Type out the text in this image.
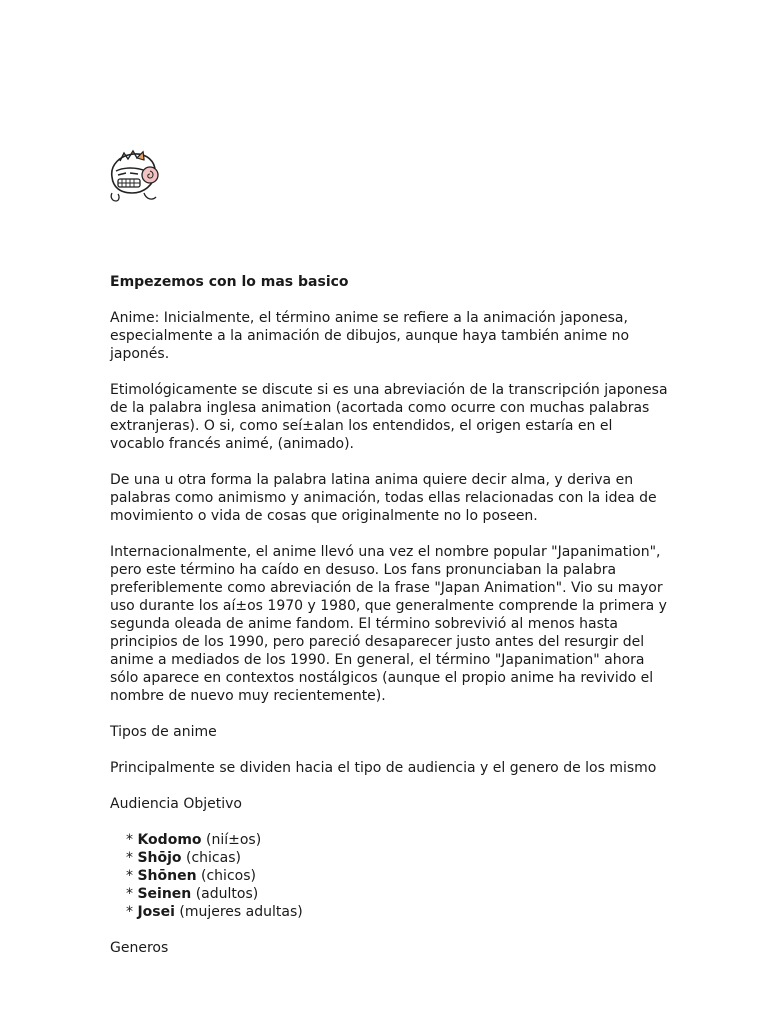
Empezemos con lo mas basico

Anime: Inicialmente, el término anime se refiere a la animación japonesa, especialmente a la animación de dibujos, aunque haya también anime no japonés.

Etimológicamente se discute si es una abreviación de la transcripción japonesa de la palabra inglesa animation (acortada como ocurre con muchas palabras extranjeras). O si, como seí±alan los entendidos, el origen estaría en el vocablo francés animé, (animado).

De una u otra forma la palabra latina anima quiere decir alma, y deriva en palabras como animismo y animación, todas ellas relacionadas con la idea de movimiento o vida de cosas que originalmente no lo poseen.

Internacionalmente, el anime llevó una vez el nombre popular "Japanimation", pero este término ha caído en desuso. Los fans pronunciaban la palabra preferiblemente como abreviación de la frase "Japan Animation". Vio su mayor uso durante los aí±os 1970 y 1980, que generalmente comprende la primera y segunda oleada de anime fandom. El término sobrevivió al menos hasta principios de los 1990, pero pareció desaparecer justo antes del resurgir del anime a mediados de los 1990. En general, el término "Japanimation" ahora sólo aparece en contextos nostálgicos (aunque el propio anime ha revivido el nombre de nuevo muy recientemente).

Tipos de anime

Principalmente se dividen hacia el tipo de audiencia y el genero de los mismo

Audiencia Objetivo

* Kodomo (nií±os)
* Shōjo (chicas)
* Shōnen (chicos)
* Seinen (adultos)
* Josei (mujeres adultas)

Generos
